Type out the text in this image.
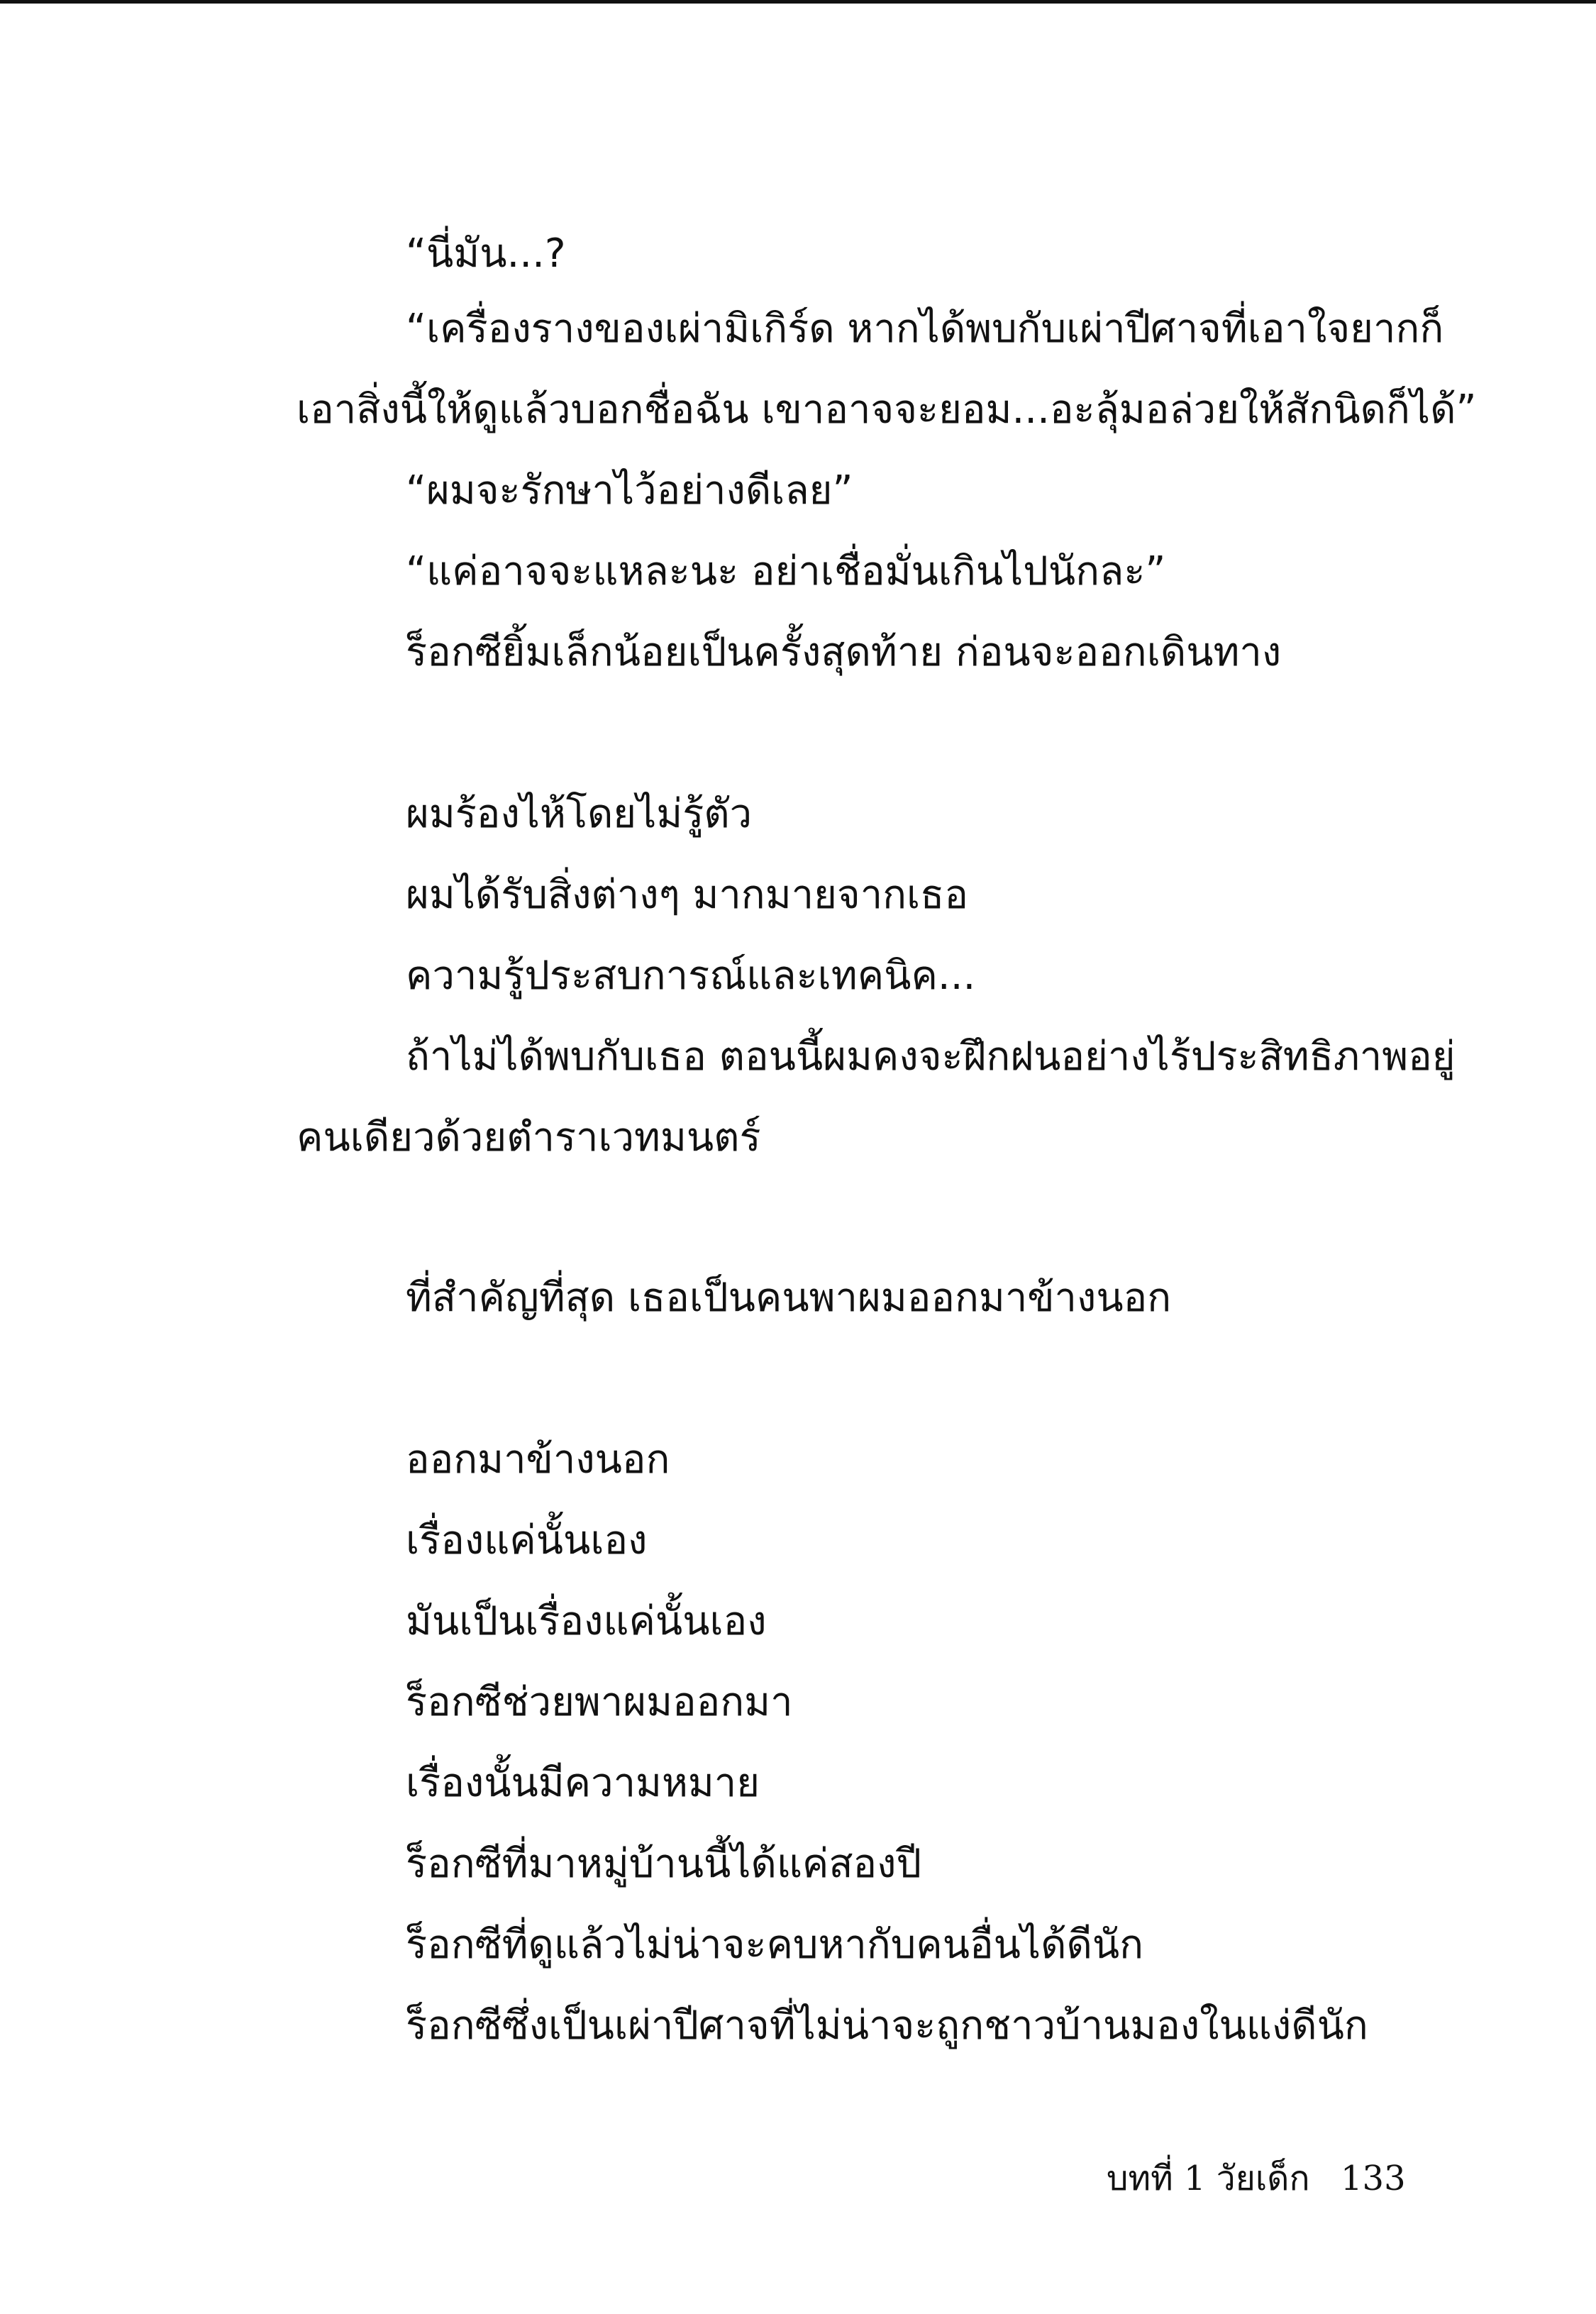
“นี่มัน...?
“เครื่องรางของเผ่ามิเกิร์ด หากได้พบกับเผ่าปีศาจที่เอาใจยากก็
เอาสิ่งนี้ให้ดูแล้วบอกชื่อฉัน เขาอาจจะยอม...อะลุ้มอล่วยให้สักนิดก็ได้”
“ผมจะรักษาไว้อย่างดีเลย”
“แค่อาจจะแหละนะ อย่าเชื่อมั่นเกินไปนักละ”
ร็อกซียิ้มเล็กน้อยเป็นครั้งสุดท้าย ก่อนจะออกเดินทาง
ผมร้องไห้โดยไม่รู้ตัว
ผมได้รับสิ่งต่างๆ มากมายจากเธอ
ความรู้ประสบการณ์และเทคนิค...
ถ้าไม่ได้พบกับเธอ ตอนนี้ผมคงจะฝึกฝนอย่างไร้ประสิทธิภาพอยู่
คนเดียวด้วยตำราเวทมนตร์
ที่สำคัญที่สุด เธอเป็นคนพาผมออกมาข้างนอก
ออกมาข้างนอก
เรื่องแค่นั้นเอง
มันเป็นเรื่องแค่นั้นเอง
ร็อกซีช่วยพาผมออกมา
เรื่องนั้นมีความหมาย
ร็อกซีที่มาหมู่บ้านนี้ได้แค่สองปี
ร็อกซีที่ดูแล้วไม่น่าจะคบหากับคนอื่นได้ดีนัก
ร็อกซีซึ่งเป็นเผ่าปีศาจที่ไม่น่าจะถูกชาวบ้านมองในแง่ดีนัก
บทที่ 1 วัยเด็ก 133
